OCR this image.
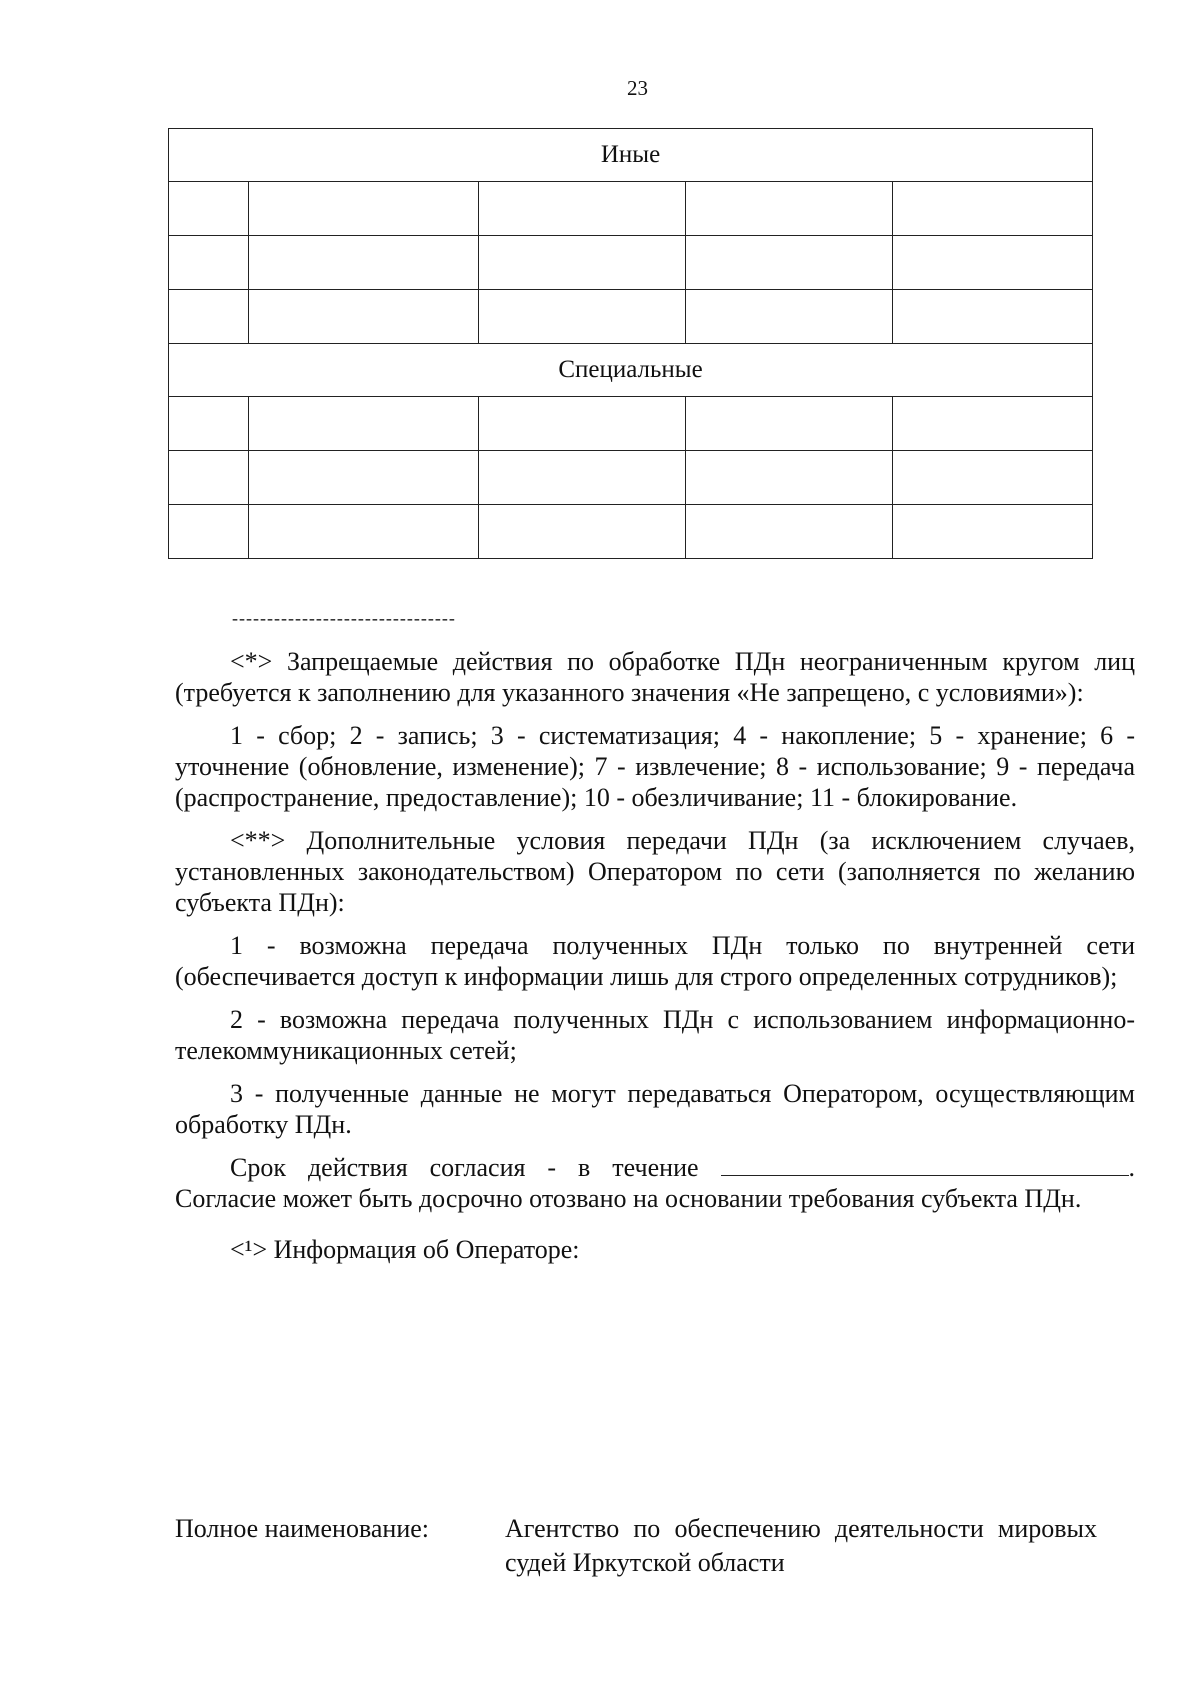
23
Иные				

Специальные				

--------------------------------

<*> Запрещаемые действия по обработке ПДн неограниченным кругом лиц (требуется к заполнению для указанного значения «Не запрещено, с условиями»):

1 - сбор; 2 - запись; 3 - систематизация; 4 - накопление; 5 - хранение; 6 - уточнение (обновление, изменение); 7 - извлечение; 8 - использование; 9 - передача (распространение, предоставление); 10 - обезличивание; 11 - блокирование.

<**> Дополнительные условия передачи ПДн (за исключением случаев, установленных законодательством) Оператором по сети (заполняется по желанию субъекта ПДн):

1 - возможна передача полученных ПДн только по внутренней сети (обеспечивается доступ к информации лишь для строго определенных сотрудников);

2 - возможна передача полученных ПДн с использованием информационно-телекоммуникационных сетей;

3 - полученные данные не могут передаваться Оператором, осуществляющим обработку ПДн.

Срок действия согласия - в течение	. Согласие может быть досрочно отозвано на основании требования субъекта ПДн.

<¹> Информация об Операторе:

Полное наименование:	Агентство по обеспечению деятельности мировых судей Иркутской области
